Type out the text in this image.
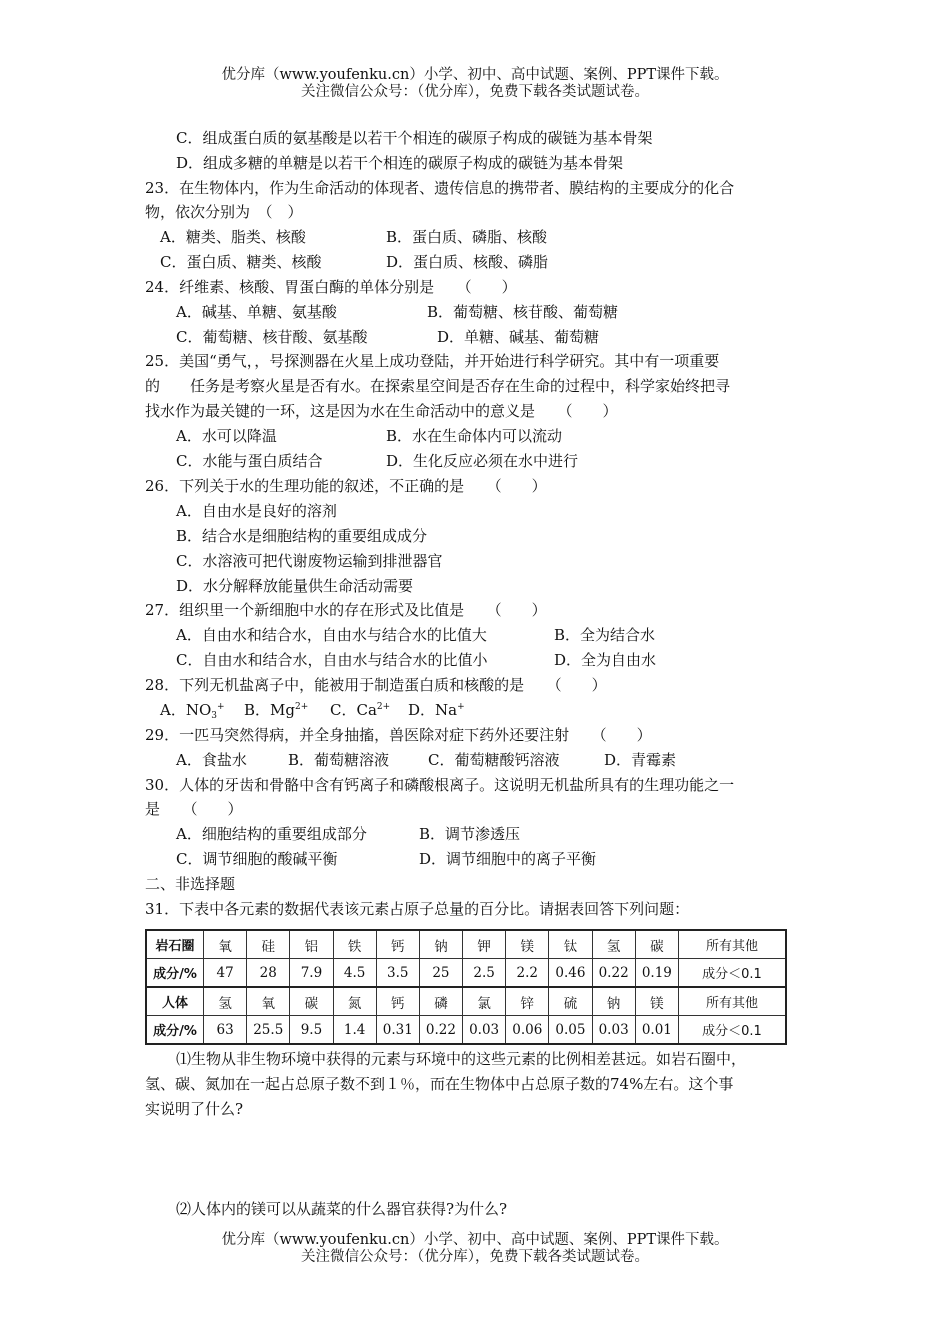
优分库（www.youfenku.cn）小学、初中、高中试题、案例、PPT课件下载。
关注微信公众号：（优分库），免费下载各类试题试卷。
C．组成蛋白质的氨基酸是以若干个相连的碳原子构成的碳链为基本骨架
D．组成多糖的单糖是以若干个相连的碳原子构成的碳链为基本骨架
23．在生物体内，作为生命活动的体现者、遗传信息的携带者、膜结构的主要成分的化合
物，依次分别为　（　）
A．糖类、脂类、核酸	B．蛋白质、磷脂、核酸
C．蛋白质、糖类、核酸	D．蛋白质、核酸、磷脂
24．纤维素、核酸、胃蛋白酶的单体分别是　　（　　）
A．碱基、单糖、氨基酸	B．葡萄糖、核苷酸、葡萄糖
C．葡萄糖、核苷酸、氨基酸	D．单糖、碱基、葡萄糖
25．美国“勇气，，号探测器在火星上成功登陆，并开始进行科学研究。其中有一项重要
的　　任务是考察火星是否有水。在探索星空间是否存在生命的过程中，科学家始终把寻
找水作为最关键的一环，这是因为水在生命活动中的意义是　　（　　）
A．水可以降温	B．水在生命体内可以流动
C．水能与蛋白质结合	D．生化反应必须在水中进行
26．下列关于水的生理功能的叙述，不正确的是　　（　　）
A．自由水是良好的溶剂
B．结合水是细胞结构的重要组成成分
C．水溶液可把代谢废物运输到排泄器官
D．水分解释放能量供生命活动需要
27．组织里一个新细胞中水的存在形式及比值是　　（　　）
A．自由水和结合水，自由水与结合水的比值大	B．全为结合水
C．自由水和结合水，自由水与结合水的比值小	D．全为自由水
28．下列无机盐离子中，能被用于制造蛋白质和核酸的是　　（　　）
A．$NO_3^+$ B．$Mg^{2+}$ C．$Ca^{2+}$ D．Na+
29．一匹马突然得病，并全身抽搐，兽医除对症下药外还要注射　　（　　）
A．食盐水	B．葡萄糖溶液	C．葡萄糖酸钙溶液	D．青霉素
30．人体的牙齿和骨骼中含有钙离子和磷酸根离子。这说明无机盐所具有的生理功能之一
是　　（　　）
A．细胞结构的重要组成部分	B．调节渗透压
C．调节细胞的酸碱平衡	D．调节细胞中的离子平衡
二、非选择题
31．下表中各元素的数据代表该元素占原子总量的百分比。请据表回答下列问题：
岩石圈	氧	硅	铝	铁	钙	钠	钾	镁	钛	氢	碳	所有其他
成分/%	47	28	7.9	4.5	3.5	25	2.5	2.2	0.46	0.22	0.19	成分＜0.1
人体	氢	氧	碳	氮	钙	磷	氯	锌	硫	钠	镁	所有其他
成分/%	63	25.5	9.5	1.4	0.31	0.22	0.03	0.06	0.05	0.03	0.01	成分＜0.1
⑴生物从非生物环境中获得的元素与环境中的这些元素的比例相差甚远。如岩石圈中，
氢、碳、氮加在一起占总原子数不到１％，而在生物体中占总原子数的74%左右。这个事
实说明了什么?
⑵人体内的镁可以从蔬菜的什么器官获得?为什么?
优分库（www.youfenku.cn）小学、初中、高中试题、案例、PPT课件下载。
关注微信公众号：（优分库），免费下载各类试题试卷。
